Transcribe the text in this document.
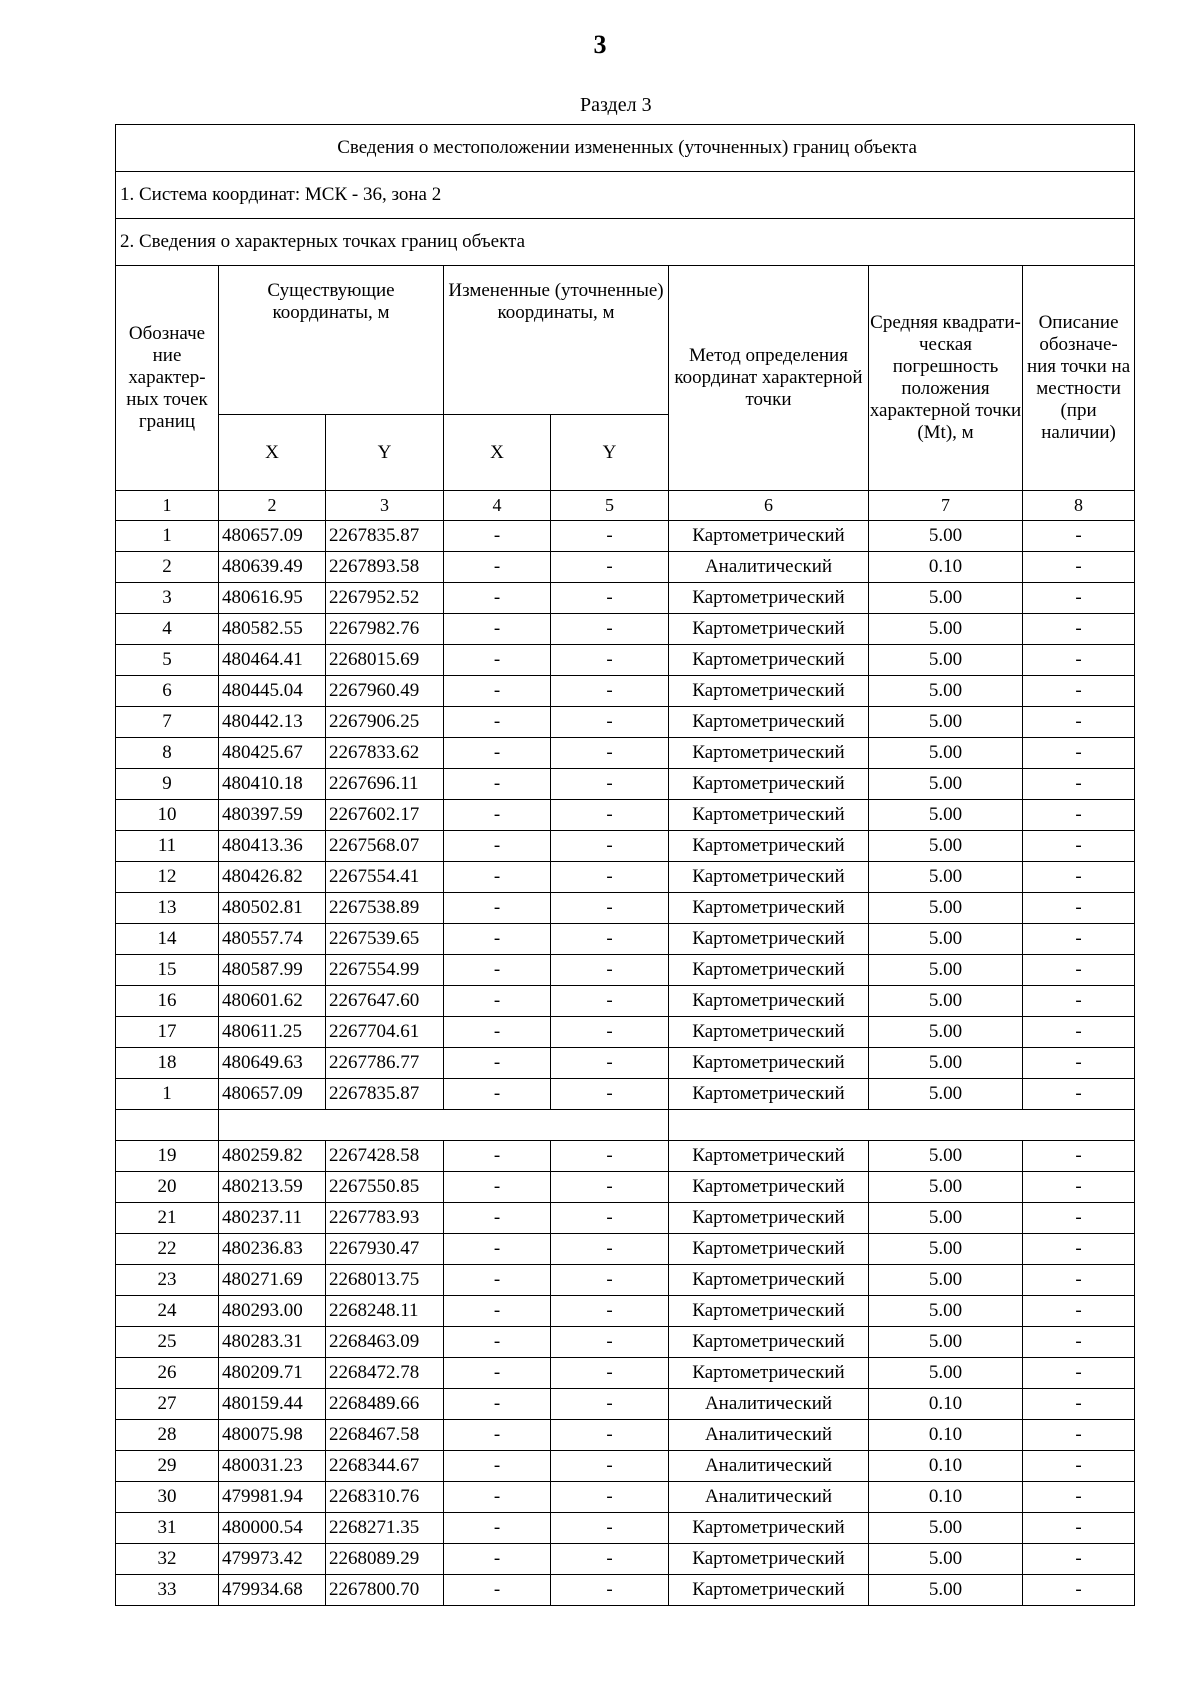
3
Раздел 3
Сведения о местоположении измененных (уточненных) границ объекта							
1. Система координат: МСК - 36, зона 2							
2. Сведения о характерных точках границ объекта							
Обозначе ние характер- ных точек границ	Существующие координаты, м		Измененные (уточненные) координаты, м		Метод определения координат характерной точки	Средняя квадрати- ческая погрешность положения характерной точки (Mt), м	Описание обозначе- ния точки на местности (при наличии)
	X	Y	X	Y			
1	2	3	4	5	6	7	8
1	480657.09	2267835.87	-	-	Картометрический	5.00	-
2	480639.49	2267893.58	-	-	Аналитический	0.10	-
3	480616.95	2267952.52	-	-	Картометрический	5.00	-
4	480582.55	2267982.76	-	-	Картометрический	5.00	-
5	480464.41	2268015.69	-	-	Картометрический	5.00	-
6	480445.04	2267960.49	-	-	Картометрический	5.00	-
7	480442.13	2267906.25	-	-	Картометрический	5.00	-
8	480425.67	2267833.62	-	-	Картометрический	5.00	-
9	480410.18	2267696.11	-	-	Картометрический	5.00	-
10	480397.59	2267602.17	-	-	Картометрический	5.00	-
11	480413.36	2267568.07	-	-	Картометрический	5.00	-
12	480426.82	2267554.41	-	-	Картометрический	5.00	-
13	480502.81	2267538.89	-	-	Картометрический	5.00	-
14	480557.74	2267539.65	-	-	Картометрический	5.00	-
15	480587.99	2267554.99	-	-	Картометрический	5.00	-
16	480601.62	2267647.60	-	-	Картометрический	5.00	-
17	480611.25	2267704.61	-	-	Картометрический	5.00	-
18	480649.63	2267786.77	-	-	Картометрический	5.00	-
1	480657.09	2267835.87	-	-	Картометрический	5.00	-

19	480259.82	2267428.58	-	-	Картометрический	5.00	-
20	480213.59	2267550.85	-	-	Картометрический	5.00	-
21	480237.11	2267783.93	-	-	Картометрический	5.00	-
22	480236.83	2267930.47	-	-	Картометрический	5.00	-
23	480271.69	2268013.75	-	-	Картометрический	5.00	-
24	480293.00	2268248.11	-	-	Картометрический	5.00	-
25	480283.31	2268463.09	-	-	Картометрический	5.00	-
26	480209.71	2268472.78	-	-	Картометрический	5.00	-
27	480159.44	2268489.66	-	-	Аналитический	0.10	-
28	480075.98	2268467.58	-	-	Аналитический	0.10	-
29	480031.23	2268344.67	-	-	Аналитический	0.10	-
30	479981.94	2268310.76	-	-	Аналитический	0.10	-
31	480000.54	2268271.35	-	-	Картометрический	5.00	-
32	479973.42	2268089.29	-	-	Картометрический	5.00	-
33	479934.68	2267800.70	-	-	Картометрический	5.00	-
